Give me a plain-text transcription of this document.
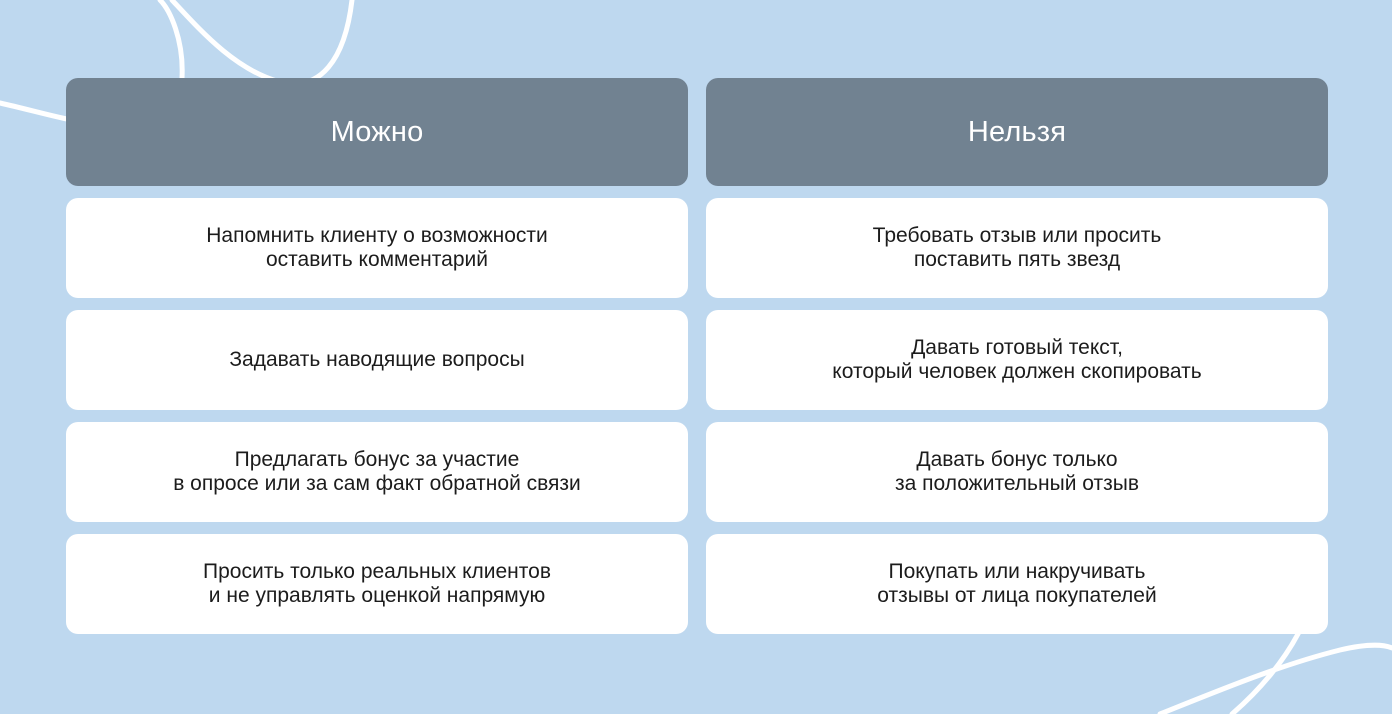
Можно
Напомнить клиенту о возможности
оставить комментарий
Задавать наводящие вопросы
Предлагать бонус за участие
в опросе или за сам факт обратной связи
Просить только реальных клиентов
и не управлять оценкой напрямую
Нельзя
Требовать отзыв или просить
поставить пять звезд
Давать готовый текст,
который человек должен скопировать
Давать бонус только
за положительный отзыв
Покупать или накручивать
отзывы от лица покупателей
